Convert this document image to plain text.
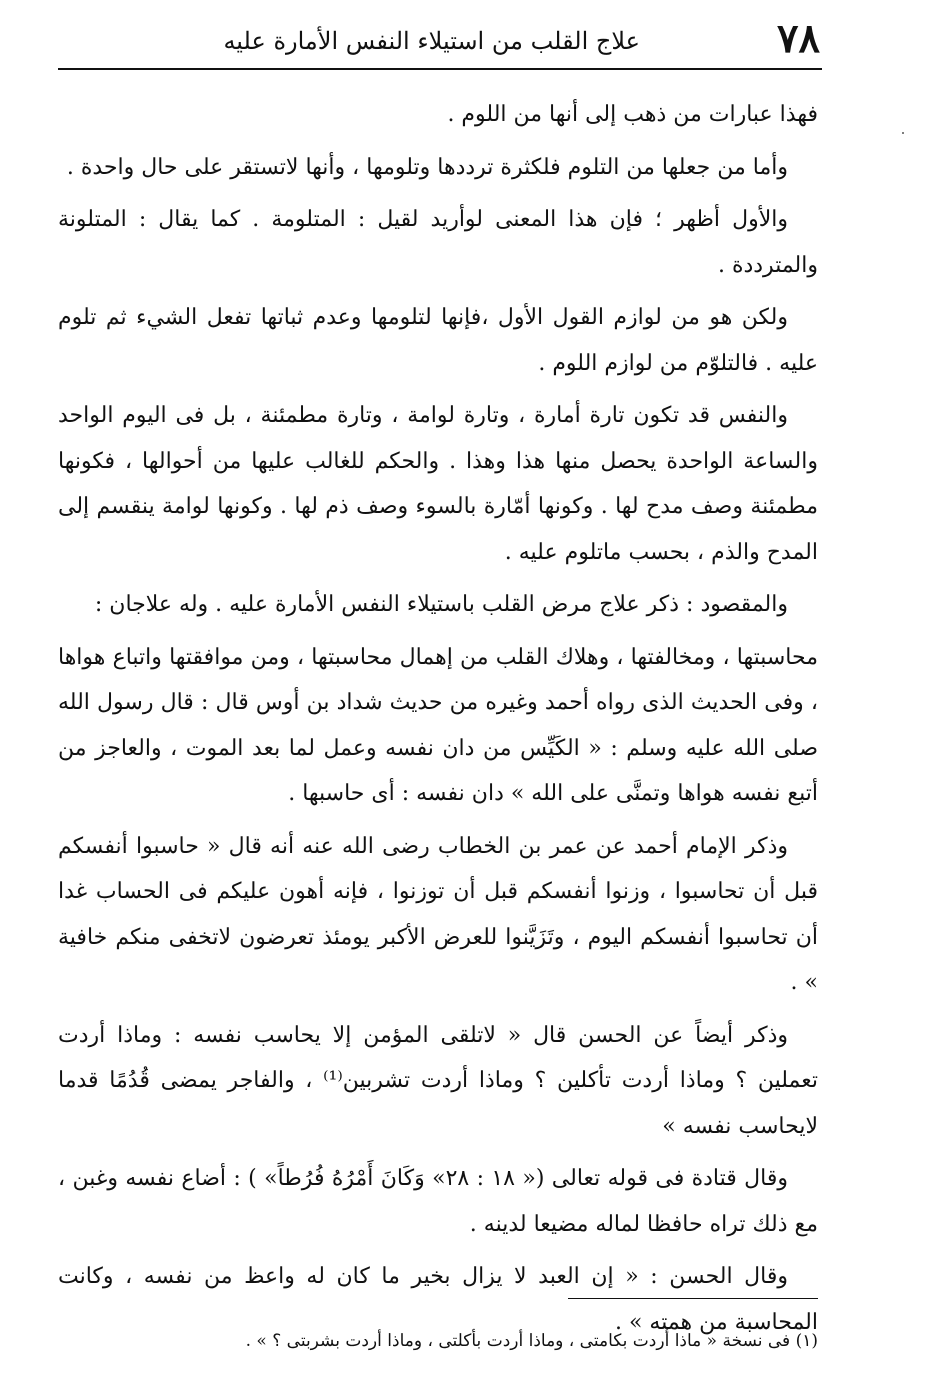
٧٨
علاج القلب من استيلاء النفس الأمارة عليه

فهذا عبارات من ذهب إلى أنها من اللوم .

وأما من جعلها من التلوم فلكثرة ترددها وتلومها ، وأنها لاتستقر على حال واحدة .

والأول أظهر ؛ فإن هذا المعنى لوأريد لقيل : المتلومة . كما يقال : المتلونة والمترددة .

ولكن هو من لوازم القول الأول ،فإنها لتلومها وعدم ثباتها تفعل الشيء ثم تلوم عليه . فالتلوّم من لوازم اللوم .

والنفس قد تكون تارة أمارة ، وتارة لوامة ، وتارة مطمئنة ، بل فى اليوم الواحد والساعة الواحدة يحصل منها هذا وهذا . والحكم للغالب عليها من أحوالها ، فكونها مطمئنة وصف مدح لها . وكونها أمّارة بالسوء وصف ذم لها . وكونها لوامة ينقسم إلى المدح والذم ، بحسب ماتلوم عليه .

والمقصود : ذكر علاج مرض القلب باستيلاء النفس الأمارة عليه . وله علاجان :

محاسبتها ، ومخالفتها ، وهلاك القلب من إهمال محاسبتها ، ومن موافقتها واتباع هواها ، وفى الحديث الذى رواه أحمد وغيره من حديث شداد بن أوس قال : قال رسول الله صلى الله عليه وسلم : « الكَيِّس من دان نفسه وعمل لما بعد الموت ، والعاجز من أتبع نفسه هواها وتمنَّى على الله » دان نفسه : أى حاسبها .

وذكر الإمام أحمد عن عمر بن الخطاب رضى الله عنه أنه قال « حاسبوا أنفسكم قبل أن تحاسبوا ، وزنوا أنفسكم قبل أن توزنوا ، فإنه أهون عليكم فى الحساب غدا أن تحاسبوا أنفسكم اليوم ، وتَزَيَّنوا للعرض الأكبر يومئذ تعرضون لاتخفى منكم خافية » .

وذكر أيضاً عن الحسن قال « لاتلقى المؤمن إلا يحاسب نفسه : وماذا أردت تعملين ؟ وماذا أردت تأكلين ؟ وماذا أردت تشربين⁽¹⁾ ، والفاجر يمضى قُدُمًا قدما لايحاسب نفسه »

وقال قتادة فى قوله تعالى (« ١٨ : ٢٨» وَكَانَ أَمْرُهُ فُرُطاً» ) : أضاع نفسه وغبن ، مع ذلك تراه حافظا لماله مضيعا لدينه .

وقال الحسن : « إن العبد لا يزال بخير ما كان له واعظ من نفسه ، وكانت المحاسبة من همته » .

(١) فى نسخة « ماذا أردت بكامتى ، وماذا أردت بأكلتى ، وماذا أردت بشربتى ؟ » .
